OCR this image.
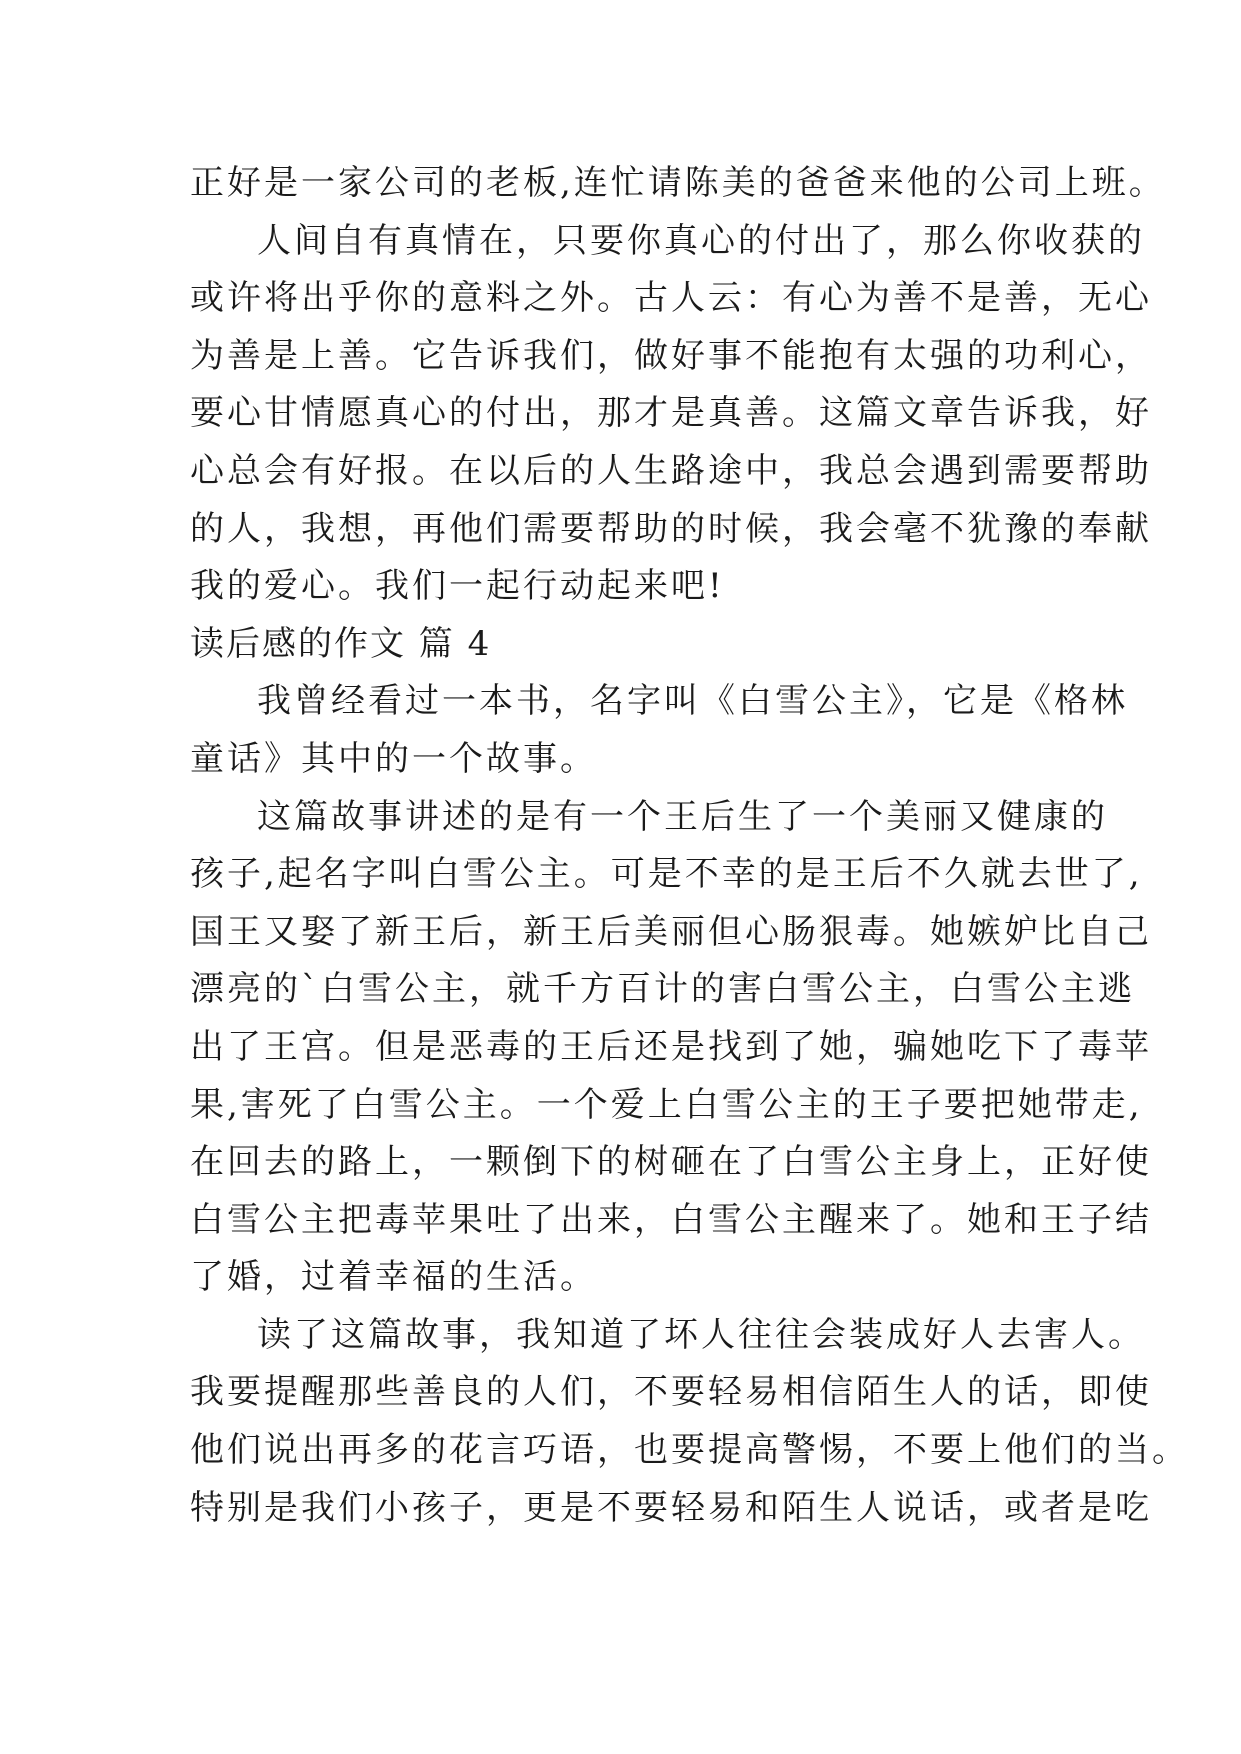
正好是一家公司的老板,连忙请陈美的爸爸来他的公司上班。
人间自有真情在，只要你真心的付出了，那么你收获的
或许将出乎你的意料之外。古人云：有心为善不是善，无心
为善是上善。它告诉我们，做好事不能抱有太强的功利心，
要心甘情愿真心的付出，那才是真善。这篇文章告诉我，好
心总会有好报。在以后的人生路途中，我总会遇到需要帮助
的人，我想，再他们需要帮助的时候，我会毫不犹豫的奉献
我的爱心。我们一起行动起来吧!
读后感的作文 篇 4
我曾经看过一本书，名字叫《白雪公主》，它是《格林
童话》其中的一个故事。
这篇故事讲述的是有一个王后生了一个美丽又健康的
孩子,起名字叫白雪公主。可是不幸的是王后不久就去世了,
国王又娶了新王后，新王后美丽但心肠狠毒。她嫉妒比自己
漂亮的`白雪公主，就千方百计的害白雪公主，白雪公主逃
出了王宫。但是恶毒的王后还是找到了她，骗她吃下了毒苹
果,害死了白雪公主。一个爱上白雪公主的王子要把她带走,
在回去的路上，一颗倒下的树砸在了白雪公主身上，正好使
白雪公主把毒苹果吐了出来，白雪公主醒来了。她和王子结
了婚，过着幸福的生活。
读了这篇故事，我知道了坏人往往会装成好人去害人。
我要提醒那些善良的人们，不要轻易相信陌生人的话，即使
他们说出再多的花言巧语，也要提高警惕，不要上他们的当。
特别是我们小孩子，更是不要轻易和陌生人说话，或者是吃
